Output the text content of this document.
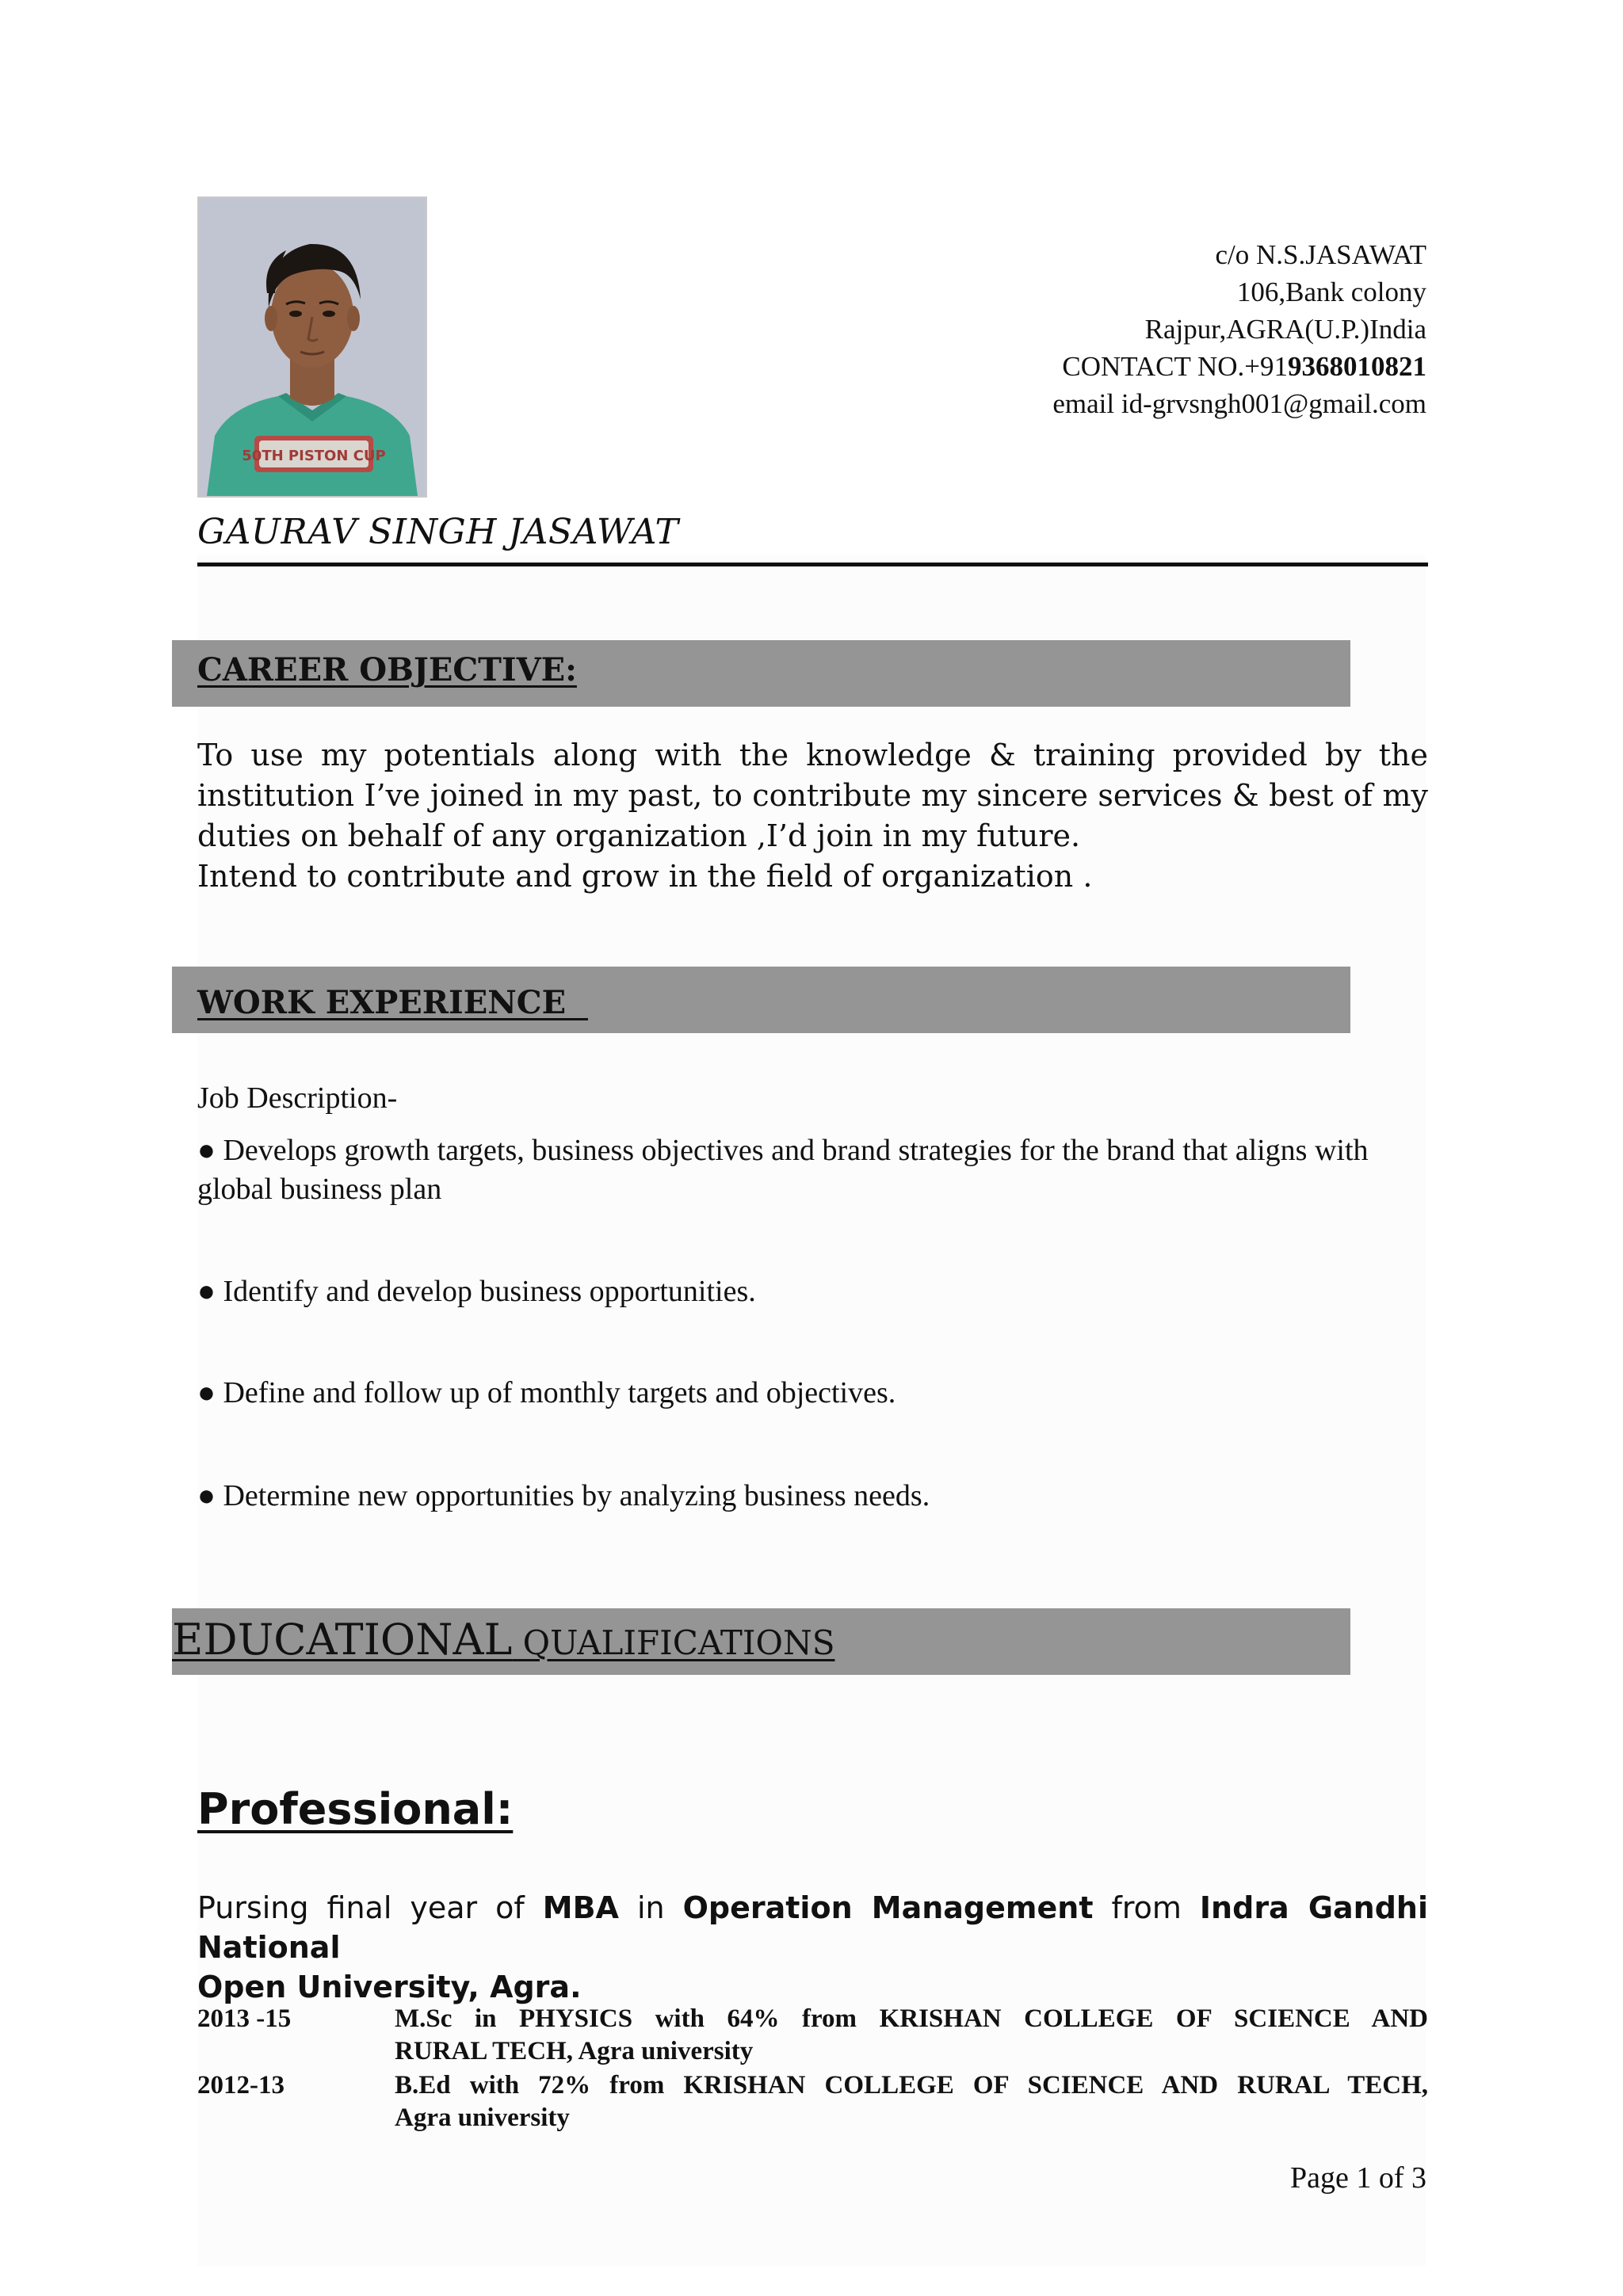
50TH PISTON CUP
c/o N.S.JASAWAT
106,Bank colony
Rajpur,AGRA(U.P.)India
CONTACT NO.+919368010821
email id-grvsngh001@gmail.com
GAURAV SINGH JASAWAT
CAREER OBJECTIVE:
To use my potentials along with the knowledge & training provided by the
institution I’ve joined in my past, to contribute my sincere services & best of my
duties on behalf of any organization ,I’d join in my future.
Intend to contribute and grow in the field of organization .
WORK EXPERIENCE
Job Description-
● Develops growth targets, business objectives and brand strategies for the brand that aligns with global business plan
● Identify and develop business opportunities.
● Define and follow up of monthly targets and objectives.
● Determine new opportunities by analyzing business needs.
EDUCATIONAL QUALIFICATIONS
Professional:
Pursing final year of MBA in Operation Management from Indra Gandhi National
Open University, Agra.
2013 -15	M.Sc in PHYSICS with 64% from KRISHAN COLLEGE OF SCIENCE AND
RURAL TECH, Agra university
2012-13	B.Ed with 72% from KRISHAN COLLEGE OF SCIENCE AND RURAL TECH,
Agra university
Page 1 of 3
